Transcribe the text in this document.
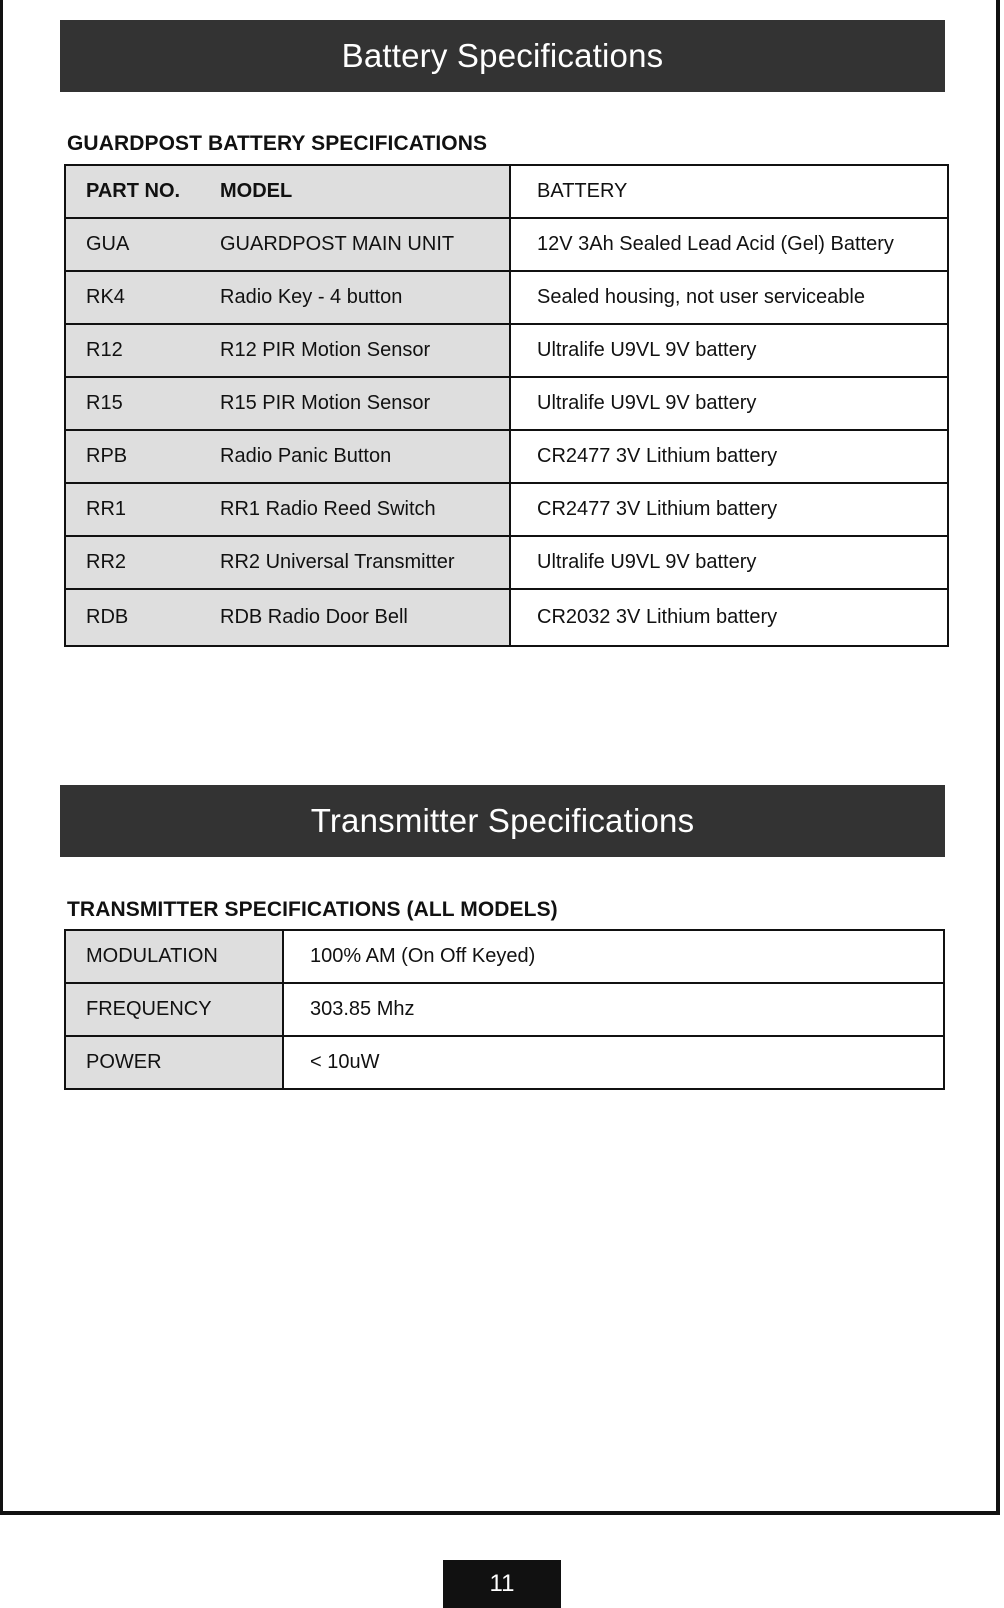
Battery Specifications
GUARDPOST BATTERY SPECIFICATIONS
PART NO. MODEL	BATTERY
GUA GUARDPOST MAIN UNIT	12V 3Ah Sealed Lead Acid (Gel) Battery
RK4 Radio Key - 4 button	Sealed housing, not user serviceable
R12 R12 PIR Motion Sensor	Ultralife U9VL 9V battery
R15 R15 PIR Motion Sensor	Ultralife U9VL 9V battery
RPB Radio Panic Button	CR2477 3V Lithium battery
RR1 RR1 Radio Reed Switch	CR2477 3V Lithium battery
RR2 RR2 Universal Transmitter	Ultralife U9VL 9V battery
RDB RDB Radio Door Bell	CR2032 3V Lithium battery
Transmitter Specifications
TRANSMITTER SPECIFICATIONS (ALL MODELS)
MODULATION	100% AM (On Off Keyed)
FREQUENCY	303.85 Mhz
POWER	< 10uW
11
